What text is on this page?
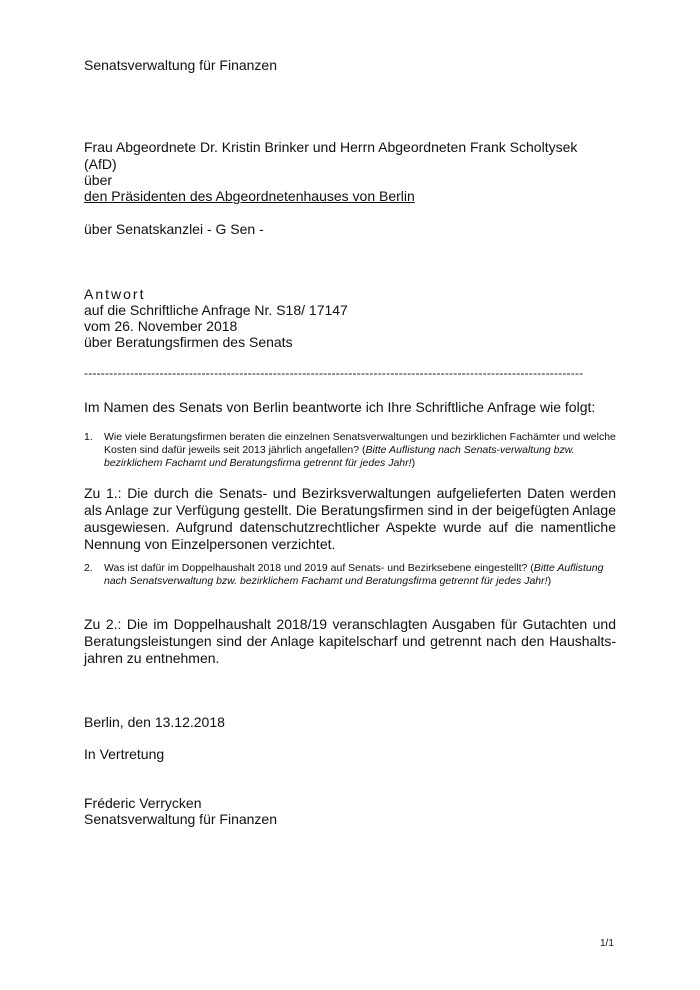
Senatsverwaltung für Finanzen
Frau Abgeordnete Dr. Kristin Brinker und Herrn Abgeordneten Frank Scholtysek
(AfD)
über
den Präsidenten des Abgeordnetenhauses von Berlin
über Senatskanzlei - G Sen -
Antwort
auf die Schriftliche Anfrage Nr. S18/ 17147
vom 26. November 2018
über Beratungsfirmen des Senats
-----------------------------------------------------------------------------------------------------------------------
Im Namen des Senats von Berlin beantworte ich Ihre Schriftliche Anfrage wie folgt:
1.	Wie viele Beratungsfirmen beraten die einzelnen Senatsverwaltungen und bezirklichen Fachämter und welche Kosten sind dafür jeweils seit 2013 jährlich angefallen? (Bitte Auflistung nach Senats-verwaltung bzw. bezirklichem Fachamt und Beratungsfirma getrennt für jedes Jahr!)
Zu 1.: Die durch die Senats- und Bezirksverwaltungen aufgelieferten Daten werden als Anlage zur Verfügung gestellt. Die Beratungsfirmen sind in der beigefügten Anlage ausgewiesen. Aufgrund datenschutzrechtlicher Aspekte wurde auf die namentliche Nennung von Einzelpersonen verzichtet.
2.	Was ist dafür im Doppelhaushalt 2018 und 2019 auf Senats- und Bezirksebene eingestellt? (Bitte Auflistung nach Senatsverwaltung bzw. bezirklichem Fachamt und Beratungsfirma getrennt für jedes Jahr!)
Zu 2.: Die im Doppelhaushalt 2018/19 veranschlagten Ausgaben für Gutachten und Beratungsleistungen sind der Anlage kapitelscharf und getrennt nach den Haushalts-jahren zu entnehmen.
Berlin, den 13.12.2018
In Vertretung
Fréderic Verrycken
Senatsverwaltung für Finanzen
1/1
